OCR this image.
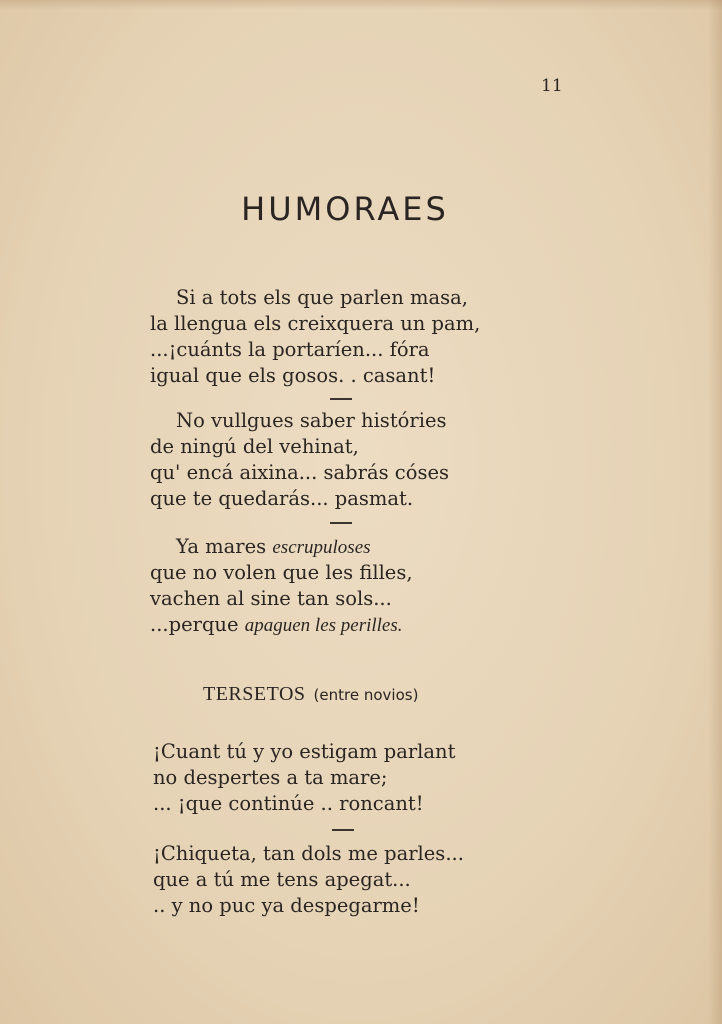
11
HUMORAES
Si a tots els que parlen masa,
la llengua els creixquera un pam,
...¡cuánts la portaríen... fóra
igual que els gosos. . casant!
No vullgues saber históries
de ningú del vehinat,
qu' encá aixina... sabrás cóses
que te quedarás... pasmat.
Ya mares escrupuloses
que no volen que les filles,
vachen al sine tan sols...
...perque apaguen les perilles.
TERSETOS (entre novios)
¡Cuant tú y yo estigam parlant
no despertes a ta mare;
... ¡que continúe .. roncant!
¡Chiqueta, tan dols me parles...
que a tú me tens apegat...
.. y no puc ya despegarme!
